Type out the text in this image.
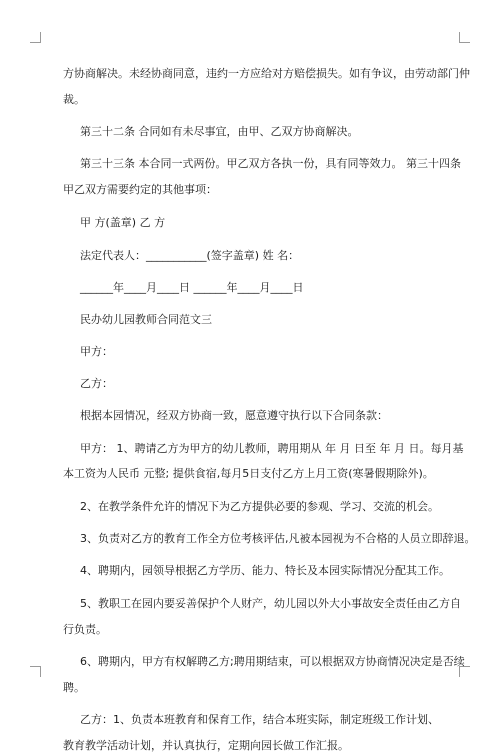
方协商解决。未经协商同意，违约一方应给对方赔偿损失。如有争议，由劳动部门仲
裁。
第三十二条 合同如有未尽事宜，由甲、乙双方协商解决。
第三十三条 本合同一式两份。甲乙双方各执一份，具有同等效力。 第三十四条
甲乙双方需要约定的其他事项：
甲 方(盖章) 乙 方
法定代表人：___________(签字盖章) 姓 名：
______年____月____日 ______年____月____日
民办幼儿园教师合同范文三
甲方：
乙方：
根据本园情况，经双方协商一致，愿意遵守执行以下合同条款：
甲方： 1、聘请乙方为甲方的幼儿教师，聘用期从 年 月 日至 年 月 日。每月基
本工资为人民币 元整; 提供食宿,每月5日支付乙方上月工资(寒暑假期除外)。
2、在教学条件允许的情况下为乙方提供必要的参观、学习、交流的机会。
3、负责对乙方的教育工作全方位考核评估,凡被本园视为不合格的人员立即辞退。
4、聘期内，园领导根据乙方学历、能力、特长及本园实际情况分配其工作。
5、教职工在园内要妥善保护个人财产，幼儿园以外大小事故安全责任由乙方自
行负责。
6、聘期内，甲方有权解聘乙方;聘用期结束，可以根据双方协商情况决定是否续
聘。
乙方：1、负责本班教育和保育工作，结合本班实际，制定班级工作计划、
教育教学活动计划，并认真执行，定期向园长做工作汇报。
